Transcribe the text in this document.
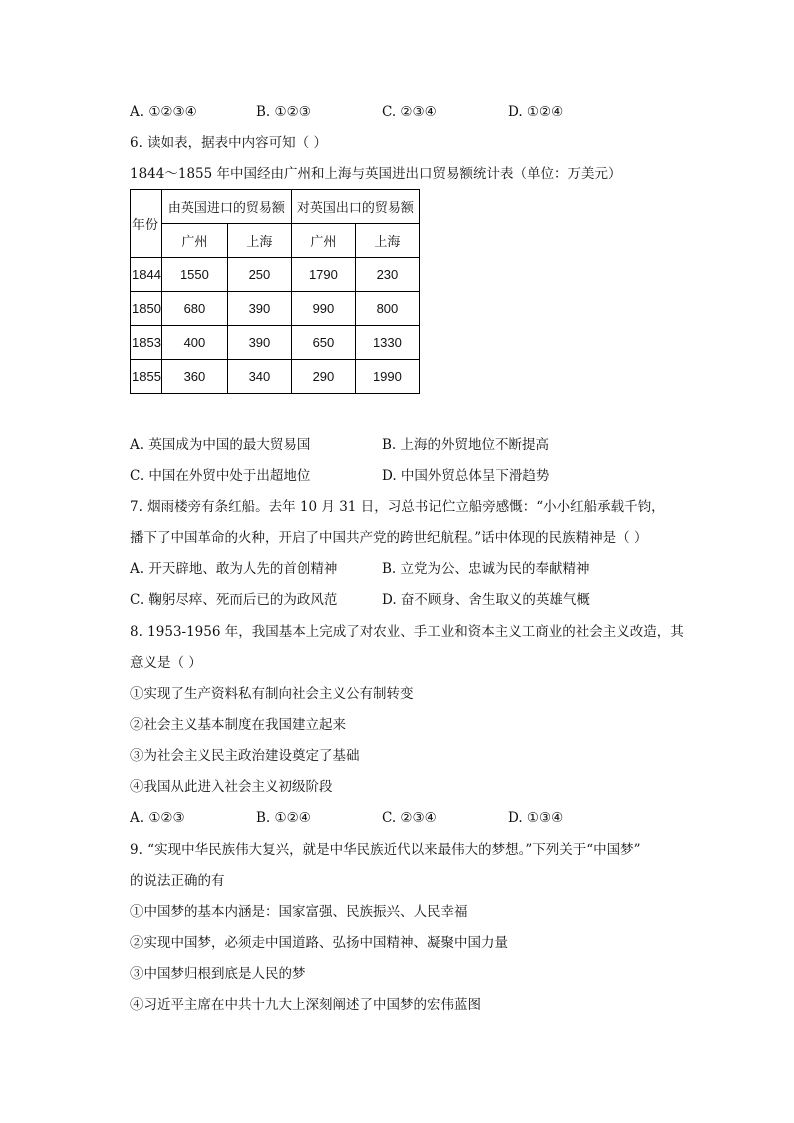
A. ①②③④	B. ①②③	C. ②③④	D. ①②④
6. 读如表，据表中内容可知（ ）
1844～1855 年中国经由广州和上海与英国进出口贸易额统计表（单位：万美元）
年份	由英国进口的贸易额		对英国出口的贸易额	
	广州	上海	广州	上海
1844	1550	250	1790	230
1850	680	390	990	800
1853	400	390	650	1330
1855	360	340	290	1990
A. 英国成为中国的最大贸易国	B. 上海的外贸地位不断提高
C. 中国在外贸中处于出超地位	D. 中国外贸总体呈下滑趋势
7. 烟雨楼旁有条红船。去年 10 月 31 日，习总书记伫立船旁感慨：“小小红船承载千钧，
播下了中国革命的火种，开启了中国共产党的跨世纪航程。”话中体现的民族精神是（ ）
A. 开天辟地、敢为人先的首创精神	B. 立党为公、忠诚为民的奉献精神
C. 鞠躬尽瘁、死而后已的为政风范	D. 奋不顾身、舍生取义的英雄气概
8. 1953-1956 年，我国基本上完成了对农业、手工业和资本主义工商业的社会主义改造，其
意义是（ ）
①实现了生产资料私有制向社会主义公有制转变
②社会主义基本制度在我国建立起来
③为社会主义民主政治建设奠定了基础
④我国从此进入社会主义初级阶段
A. ①②③	B. ①②④	C. ②③④	D. ①③④
9. “实现中华民族伟大复兴，就是中华民族近代以来最伟大的梦想。”下列关于“中国梦”
的说法正确的有
①中国梦的基本内涵是：国家富强、民族振兴、人民幸福
②实现中国梦，必须走中国道路、弘扬中国精神、凝聚中国力量
③中国梦归根到底是人民的梦
④习近平主席在中共十九大上深刻阐述了中国梦的宏伟蓝图
